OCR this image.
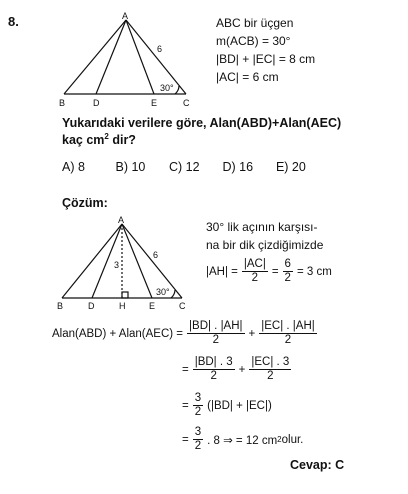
8.	A
B	D	E	C
6
30°
ABC bir üçgen
m(ACB) = 30°
|BD| + |EC| = 8 cm
|AC| = 6 cm
Yukarıdaki verilere göre, Alan(ABD)+Alan(AEC)
kaç $cm^2$ dir?
A) 8 B) 10 C) 12 D) 16 E) 20
Çözüm:
A
B	D	H	E	C
6
3
30°
30° lik açının karşısı-
na bir dik çizdiğimizde
$|AH| = \frac{|AC|}{2} = \frac{6}{2} = 3$ cm
Alan(ABD) + Alan(AEC) = $\frac{|BD| . |AH|}{2} + \frac{|EC| . |AH|}{2}$
= $\frac{|BD| . 3}{2} + \frac{|EC| . 3}{2}$
= $\frac{3}{2} (|BD| + |EC|)$
= $\frac{3}{2}$ . 8 ⇒ = 12 cm 2 olur.
Cevap: C
